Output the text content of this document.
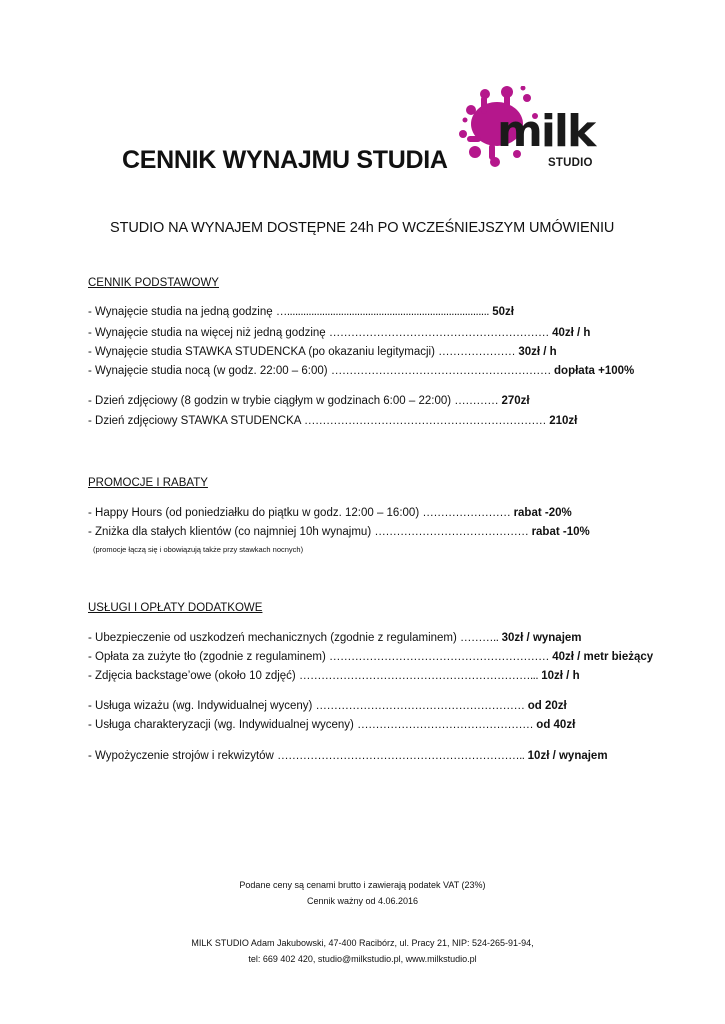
CENNIK WYNAJMU STUDIA
milk
STUDIO
STUDIO NA WYNAJEM DOSTĘPNE 24h PO WCZEŚNIEJSZYM UMÓWIENIU
CENNIK PODSTAWOWY
- Wynajęcie studia na jedną godzinę …........................................................................... 50zł
- Wynajęcie studia na więcej niż jedną godzinę …………………………………………………… 40zł / h
- Wynajęcie studia STAWKA STUDENCKA (po okazaniu legitymacji) ………………… 30zł / h
- Wynajęcie studia nocą (w godz. 22:00 – 6:00) …………………………………………………… dopłata +100%
- Dzień zdjęciowy (8 godzin w trybie ciągłym w godzinach 6:00 – 22:00) ………… 270zł
- Dzień zdjęciowy STAWKA STUDENCKA ………………………………………………………… 210zł
PROMOCJE I RABATY
- Happy Hours (od poniedziałku do piątku w godz. 12:00 – 16:00) …………………… rabat -20%
- Zniżka dla stałych klientów (co najmniej 10h wynajmu) …………………………………… rabat -10%
(promocje łączą się i obowiązują także przy stawkach nocnych)
USŁUGI I OPŁATY DODATKOWE
- Ubezpieczenie od uszkodzeń mechanicznych (zgodnie z regulaminem) ……….. 30zł / wynajem
- Opłata za zużyte tło (zgodnie z regulaminem) …………………………………………………… 40zł / metr bieżący
- Zdjęcia backstage’owe (około 10 zdjęć) ………………………………………………………... 10zł / h
- Usługa wizażu (wg. Indywidualnej wyceny) ………………………………………………… od 20zł
- Usługa charakteryzacji (wg. Indywidualnej wyceny) ………………………………………… od 40zł
- Wypożyczenie strojów i rekwizytów ………………………………………………………….. 10zł / wynajem
Podane ceny są cenami brutto i zawierają podatek VAT (23%)
Cennik ważny od 4.06.2016
MILK STUDIO Adam Jakubowski, 47-400 Racibórz, ul. Pracy 21, NIP: 524-265-91-94,
tel: 669 402 420, studio@milkstudio.pl, www.milkstudio.pl
